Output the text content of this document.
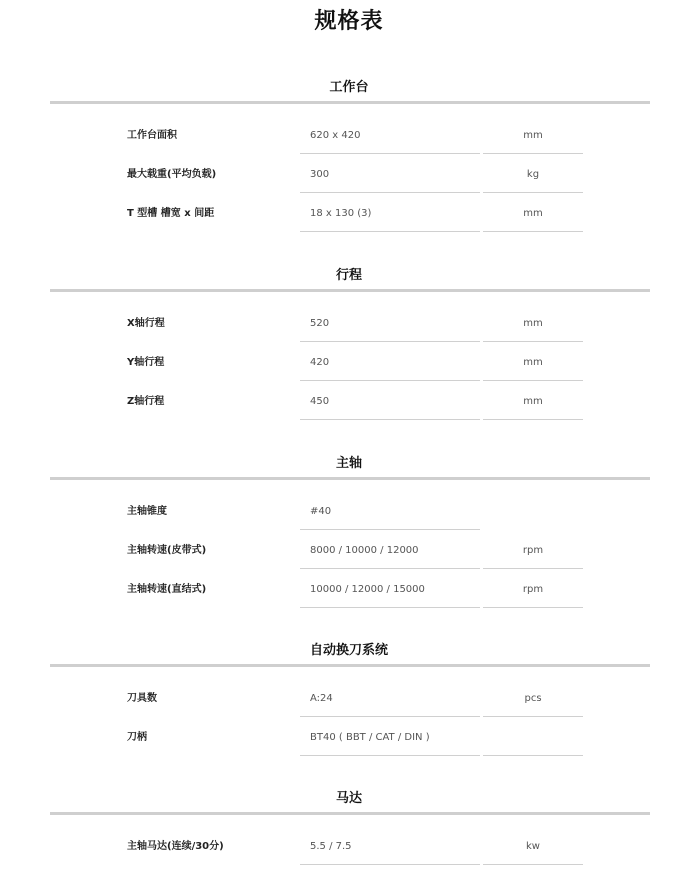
规格表
工作台
工作台面积	620 x 420	mm
最大载重(平均负载)	300	kg
T 型槽 槽宽 x 间距	18 x 130 (3)	mm
行程
X轴行程	520	mm
Y轴行程	420	mm
Z轴行程	450	mm
主轴
主轴锥度	#40
主轴转速(皮带式)	8000 / 10000 / 12000	rpm
主轴转速(直结式)	10000 / 12000 / 15000	rpm
自动换刀系统
刀具数	A:24	pcs
刀柄	BT40 ( BBT / CAT / DIN )
马达
主轴马达(连续/30分)	5.5 / 7.5	kw
